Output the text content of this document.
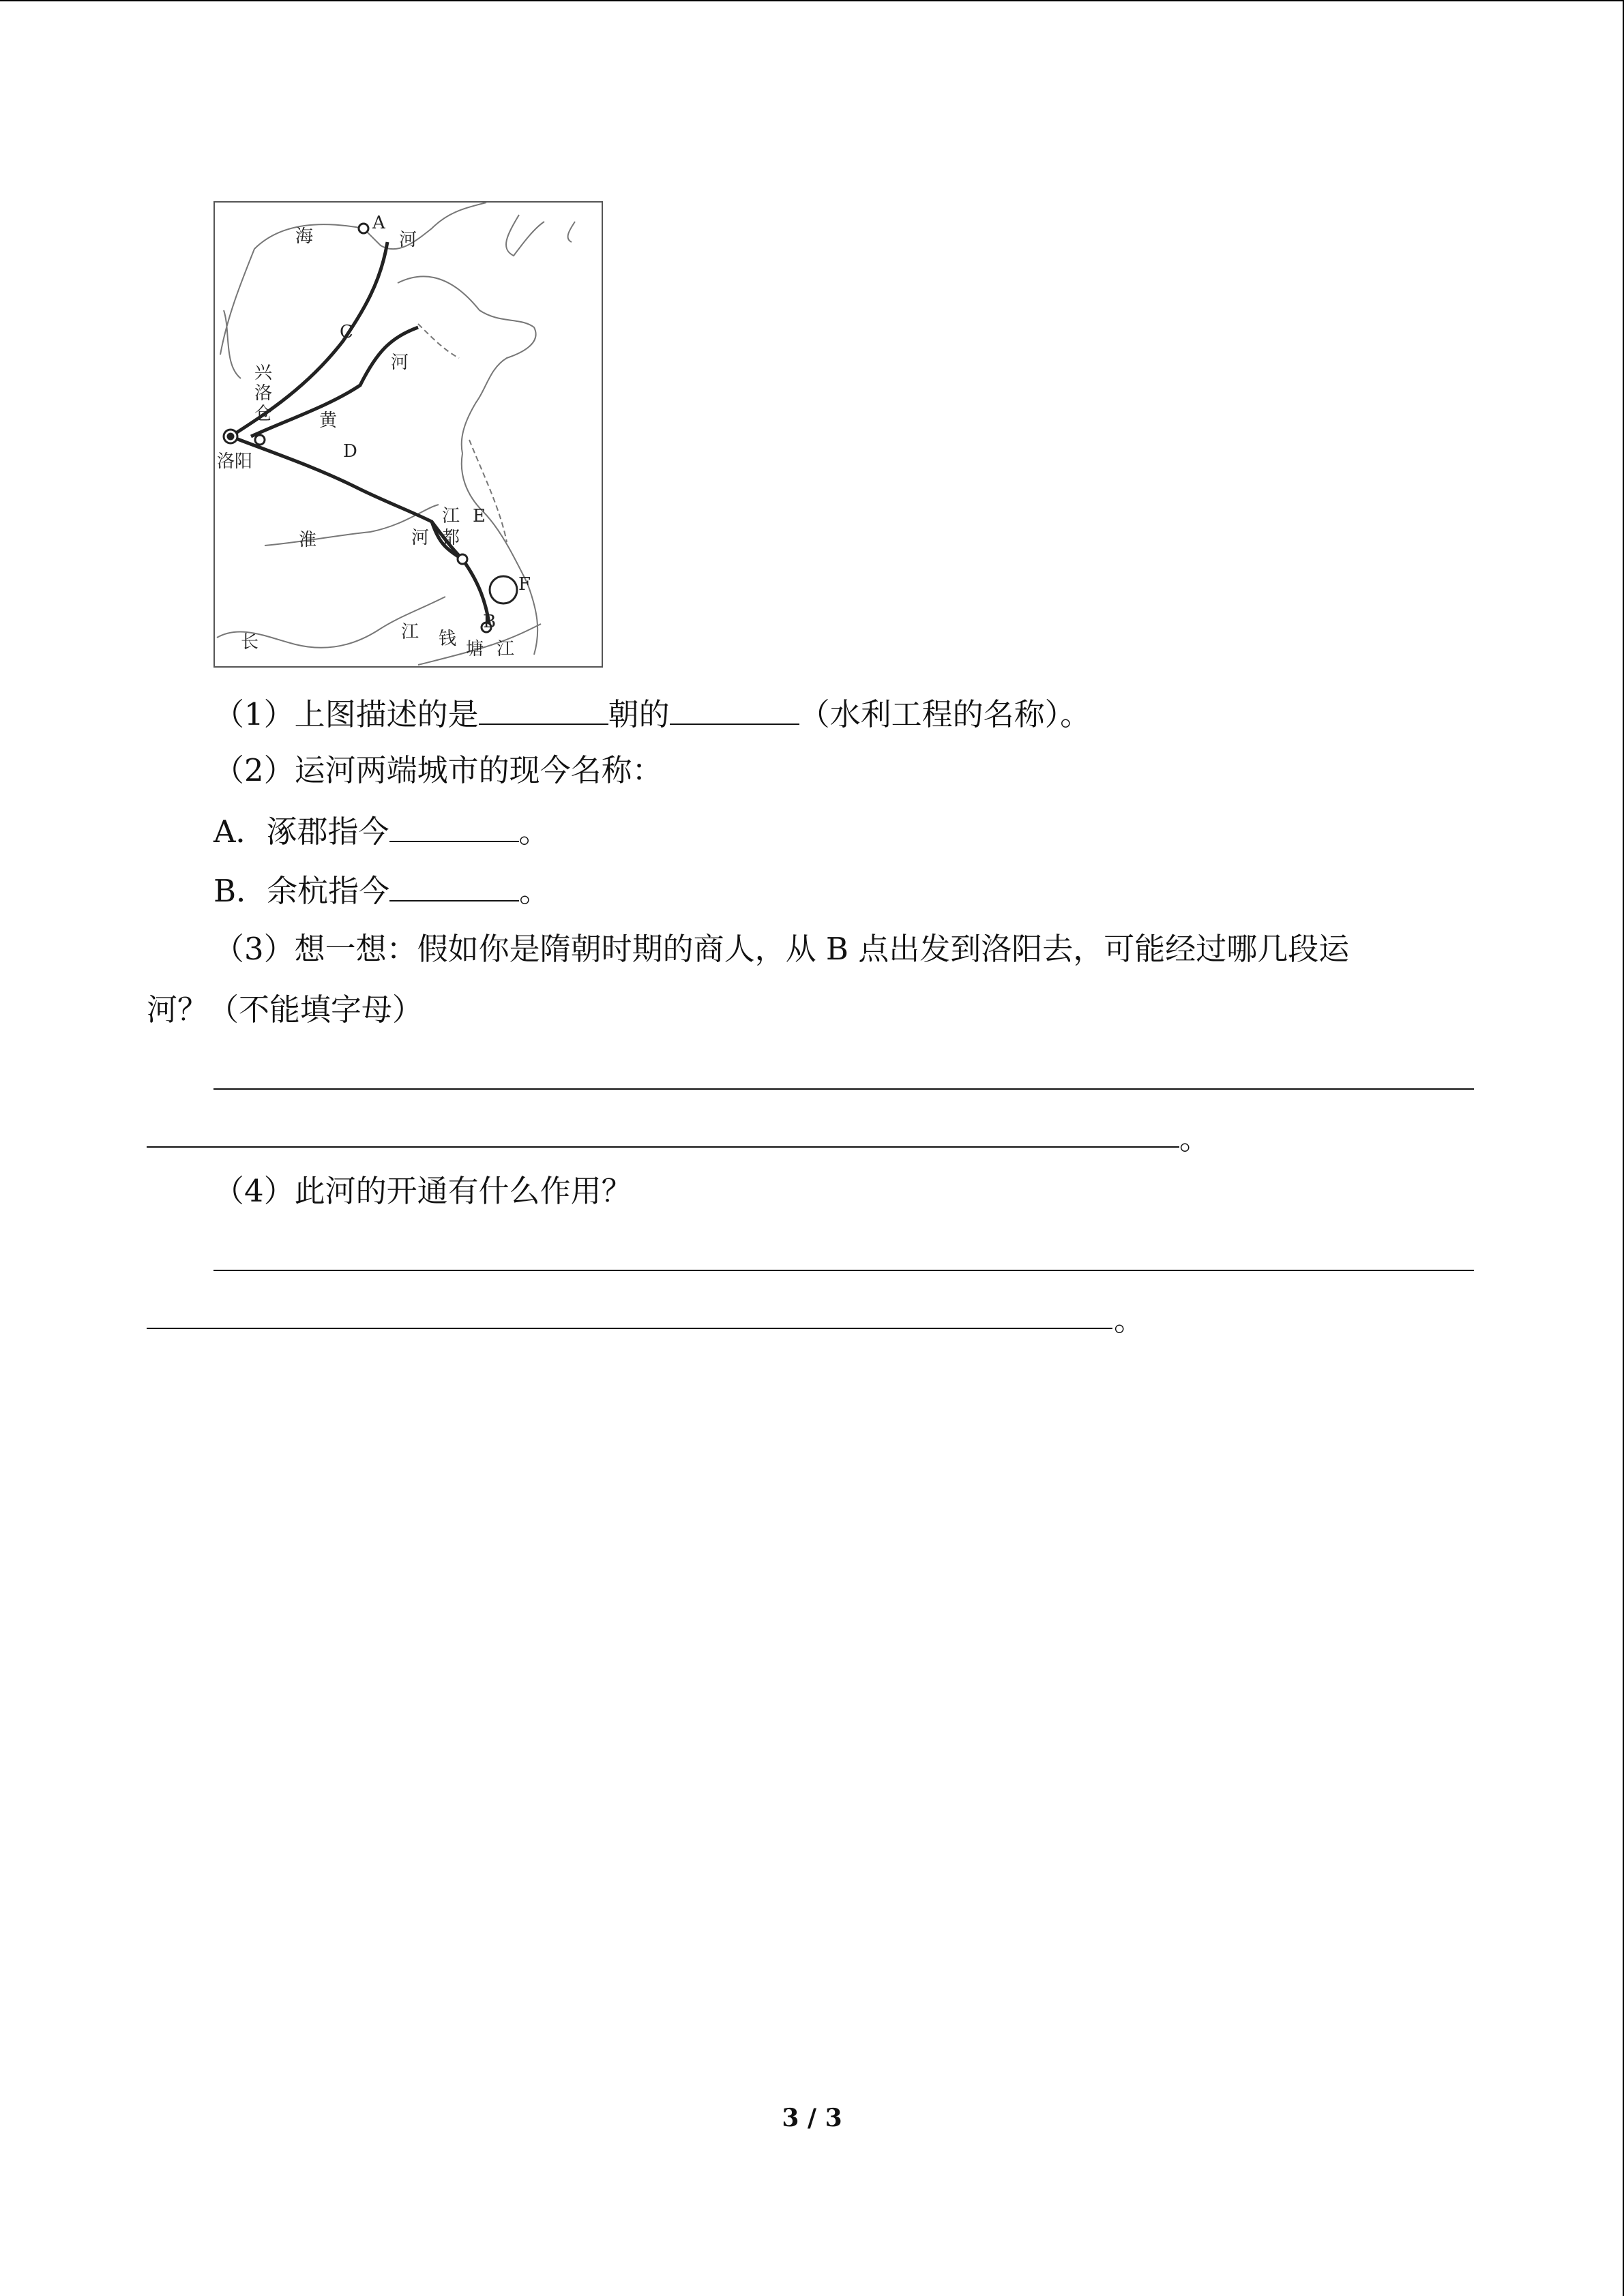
海
A
河
C
河
兴
洛
仓	黄
D
洛阳
淮
江 E
河 都
F
B
长	江 钱 塘 江
（1）上图描述的是	朝的	（水利工程的名称）。
（2）运河两端城市的现今名称：
A．涿郡指今	。
B．余杭指今	。
（3）想一想：假如你是隋朝时期的商人，从 B 点出发到洛阳去，可能经过哪几段运
河？（不能填字母）
。
（4）此河的开通有什么作用？
。
3 / 3
